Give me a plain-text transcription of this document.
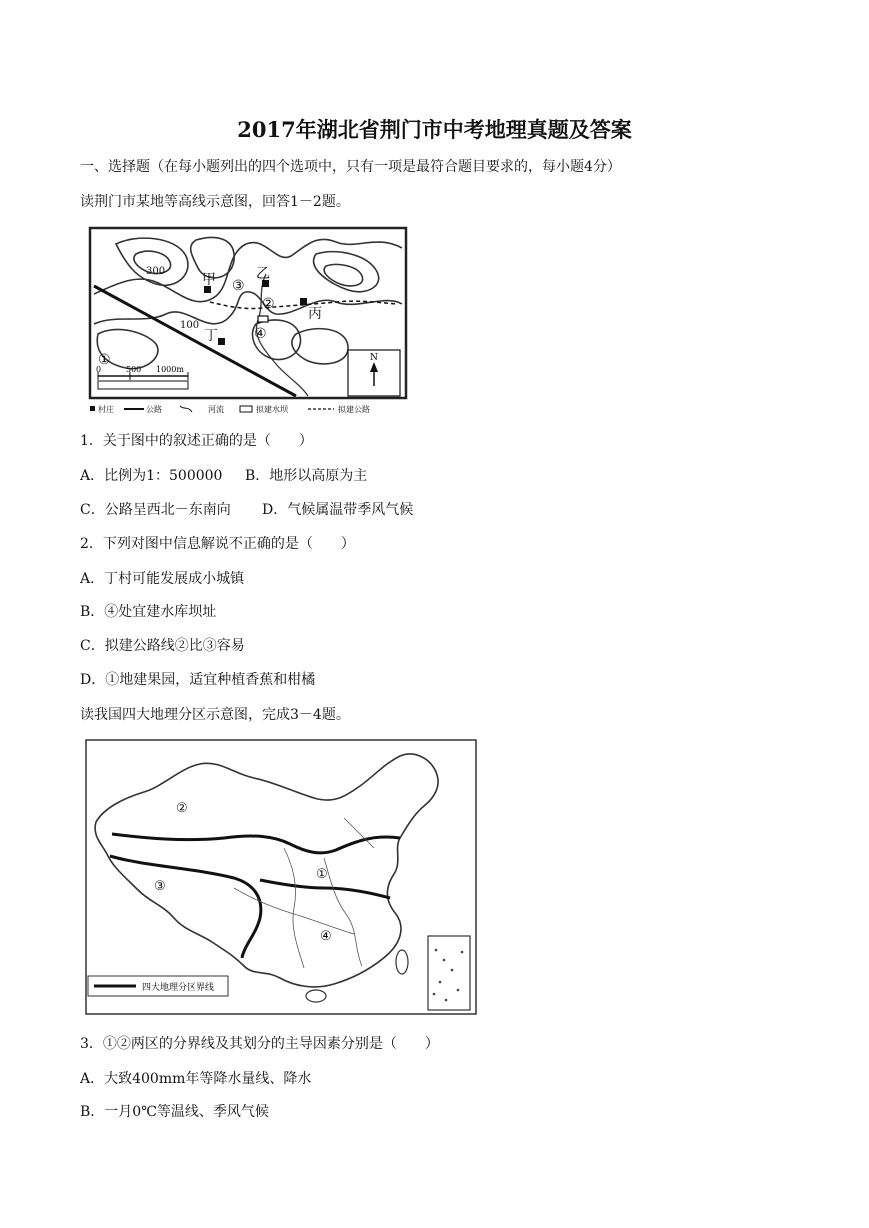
2017年湖北省荆门市中考地理真题及答案
一、选择题（在每小题列出的四个选项中，只有一项是最符合题目要求的，每小题4分）
读荆门市某地等高线示意图，回答1－2题。
300
100
甲	乙
丙
丁
①
②
③
④
0	500 1000m
N
村庄	公路	河流	拟建水坝	拟建公路
1．关于图中的叙述正确的是（　　）
A．比例为1：500000 B．地形以高原为主
C．公路呈西北－东南向 D．气候属温带季风气候
2．下列对图中信息解说不正确的是（　　）
A．丁村可能发展成小城镇
B．④处宜建水库坝址
C．拟建公路线②比③容易
D．①地建果园，适宜种植香蕉和柑橘
读我国四大地理分区示意图，完成3－4题。
①
②
③
④
四大地理分区界线
3．①②两区的分界线及其划分的主导因素分别是（　　）
A．大致400mm年等降水量线、降水
B．一月0℃等温线、季风气候
